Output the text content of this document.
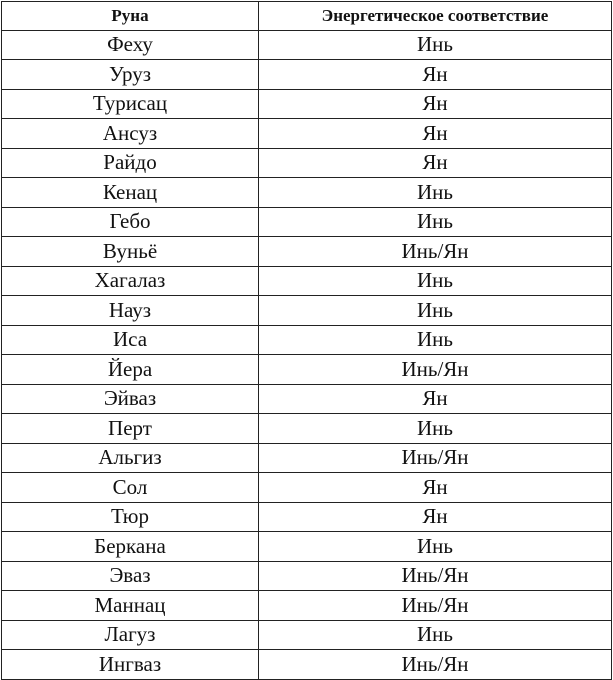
Руна	Энергетическое соответствие
Феху	Инь
Уруз	Ян
Турисац	Ян
Ансуз	Ян
Райдо	Ян
Кенац	Инь
Гебо	Инь
Вуньё	Инь/Ян
Хагалаз	Инь
Науз	Инь
Иса	Инь
Йера	Инь/Ян
Эйваз	Ян
Перт	Инь
Альгиз	Инь/Ян
Сол	Ян
Тюр	Ян
Беркана	Инь
Эваз	Инь/Ян
Маннац	Инь/Ян
Лагуз	Инь
Ингваз	Инь/Ян
